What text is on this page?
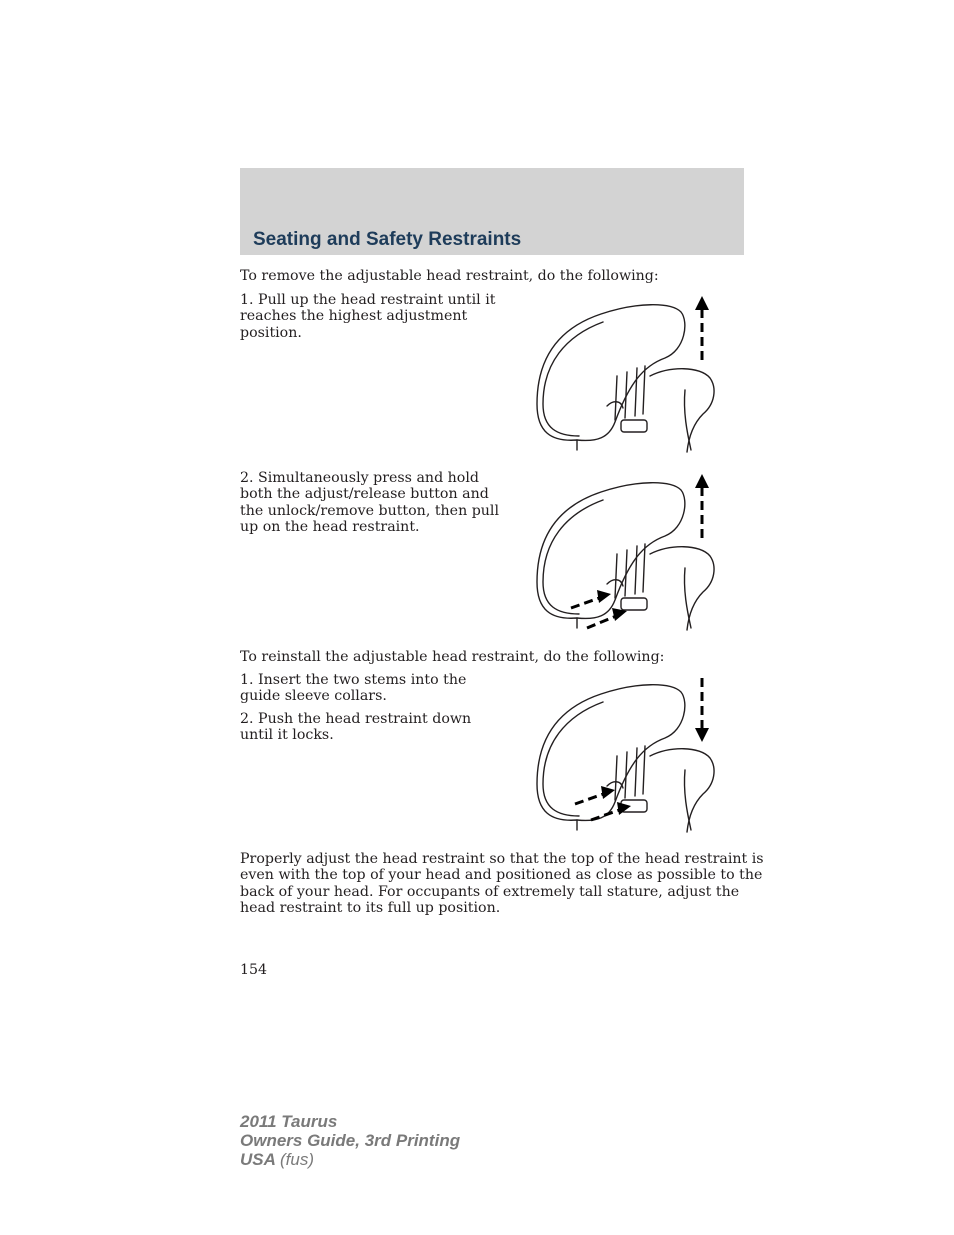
Seating and Safety Restraints

To remove the adjustable head restraint, do the following:

1. Pull up the head restraint until it
reaches the highest adjustment
position.
2. Simultaneously press and hold
both the adjust/release button and
the unlock/remove button, then pull
up on the head restraint.

To reinstall the adjustable head restraint, do the following:

1. Insert the two stems into the
guide sleeve collars.
2. Push the head restraint down
until it locks.
Properly adjust the head restraint so that the top of the head restraint is
even with the top of your head and positioned as close as possible to the
back of your head. For occupants of extremely tall stature, adjust the
head restraint to its full up position.

154

2011 Taurus
Owners Guide, 3rd Printing
USA (fus)
